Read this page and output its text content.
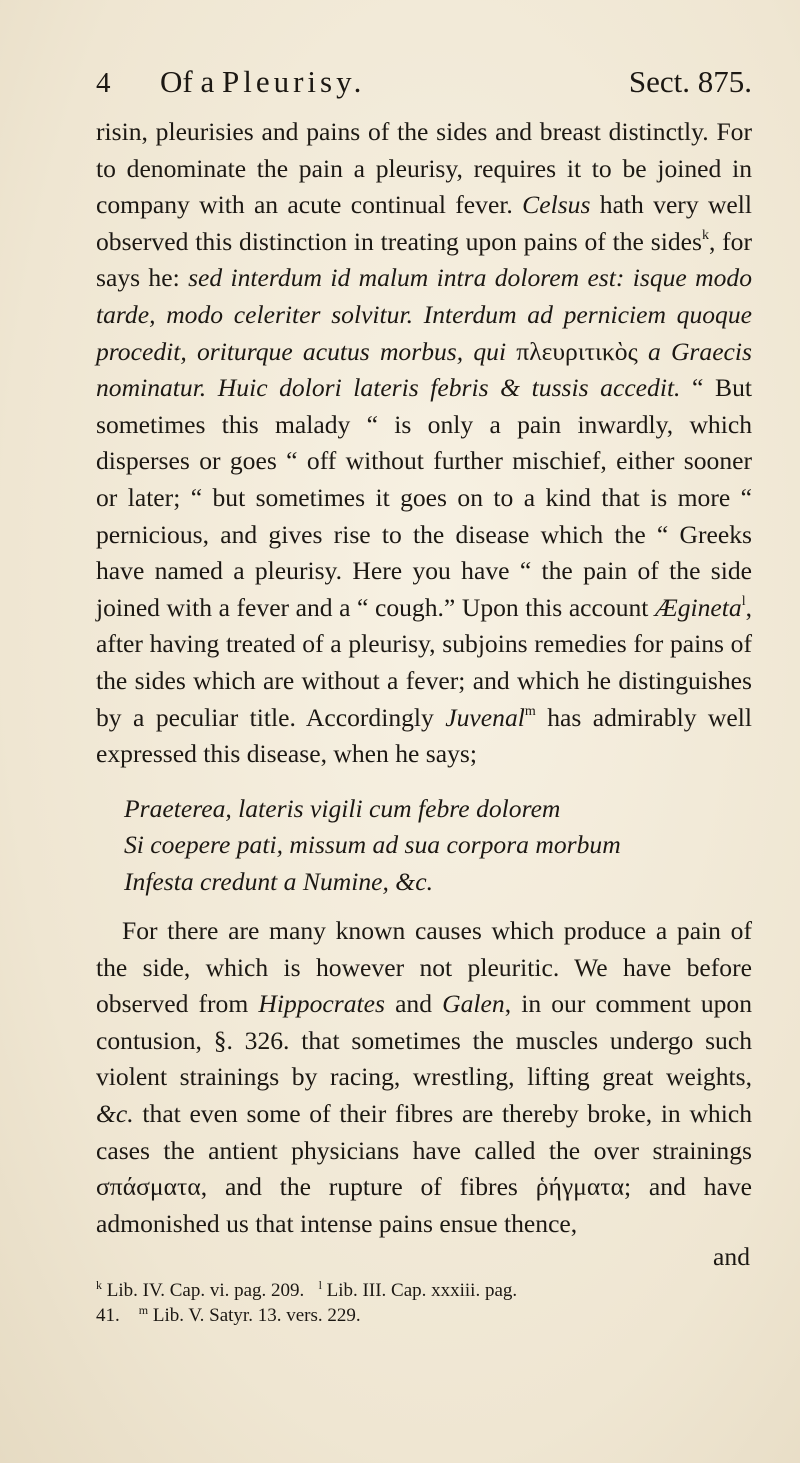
4	Of a Pleurisy.	Sect. 875.

risin, pleurisies and pains of the sides and breast distinctly. For to denominate the pain a pleurisy, requires it to be joined in company with an acute continual fever. Celsus hath very well observed this distinction in treating upon pains of the sides$^k$, for says he: sed interdum id malum intra dolorem est: isque modo tarde, modo celeriter solvitur. Interdum ad perniciem quoque procedit, oriturque acutus morbus, qui πλευριτικὸς a Graecis nominatur. Huic dolori lateris febris & tussis accedit. “ But sometimes this malady “ is only a pain inwardly, which disperses or goes “ off without further mischief, either sooner or later; “ but sometimes it goes on to a kind that is more “ pernicious, and gives rise to the disease which the “ Greeks have named a pleurisy. Here you have “ the pain of the side joined with a fever and a “ cough.” Upon this account Ægineta$^l$, after having treated of a pleurisy, subjoins remedies for pains of the sides which are without a fever; and which he distinguishes by a peculiar title. Accordingly Juvenal$^m$ has admirably well expressed this disease, when he says;

Praeterea, lateris vigili cum febre dolorem
Si coepere pati, missum ad sua corpora morbum
Infesta credunt a Numine, &c.

For there are many known causes which produce a pain of the side, which is however not pleuritic. We have before observed from Hippocrates and Galen, in our comment upon contusion, §. 326. that sometimes the muscles undergo such violent strainings by racing, wrestling, lifting great weights, &c. that even some of their fibres are thereby broke, in which cases the antient physicians have called the over strainings σπάσματα, and the rupture of fibres ῥήγματα; and have admonished us that intense pains ensue thence,

and
$^k$ Lib. IV. Cap. vi. pag. 209. $^l$ Lib. III. Cap. xxxiii. pag.
41. $^m$ Lib. V. Satyr. 13. vers. 229.
